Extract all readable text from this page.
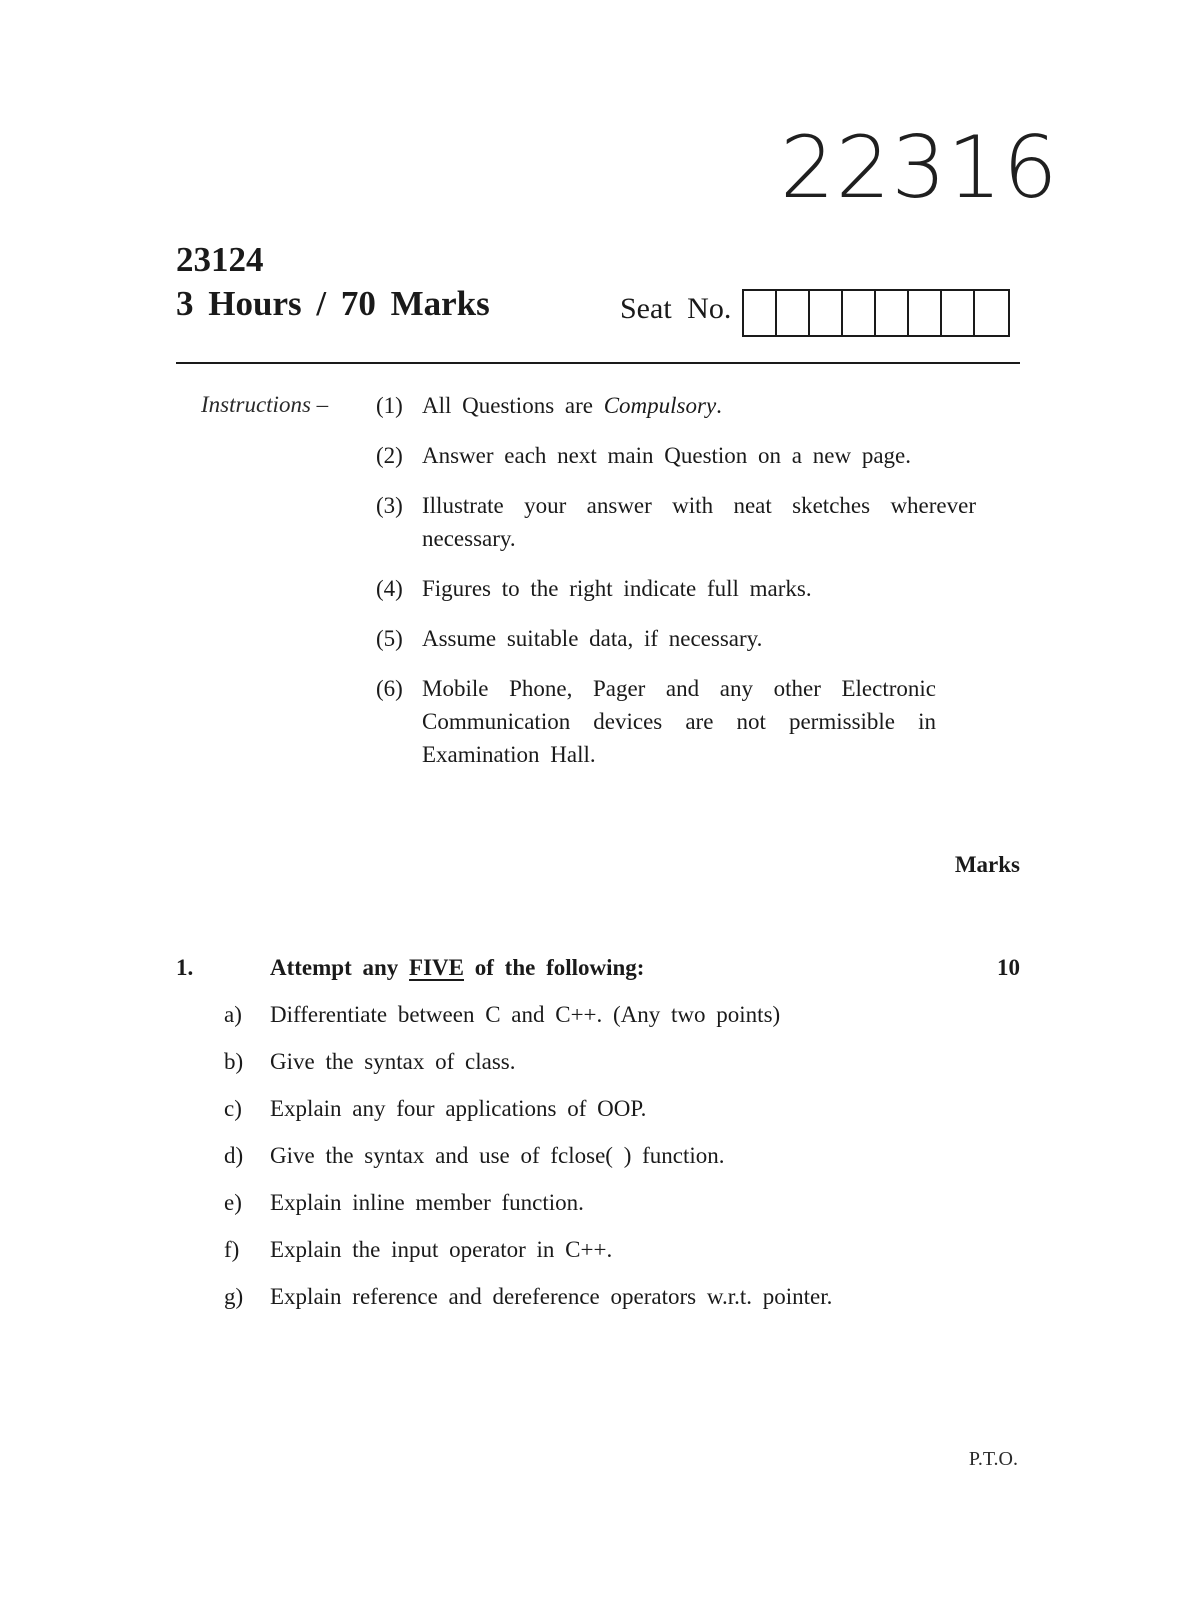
22316
23124
3 Hours / 70 Marks	Seat No.
Instructions – (1) All Questions are Compulsory.
(2) Answer each next main Question on a new page.
(3) Illustrate your answer with neat sketches wherever necessary.
(4) Figures to the right indicate full marks.
(5) Assume suitable data, if necessary.
(6) Mobile Phone, Pager and any other Electronic Communication devices are not permissible in Examination Hall.
Marks
1.	Attempt any FIVE of the following:	10
a) Differentiate between C and C++. (Any two points)
b) Give the syntax of class.
c) Explain any four applications of OOP.
d) Give the syntax and use of fclose( ) function.
e) Explain inline member function.
f) Explain the input operator in C++.
g) Explain reference and dereference operators w.r.t. pointer.
P.T.O.
